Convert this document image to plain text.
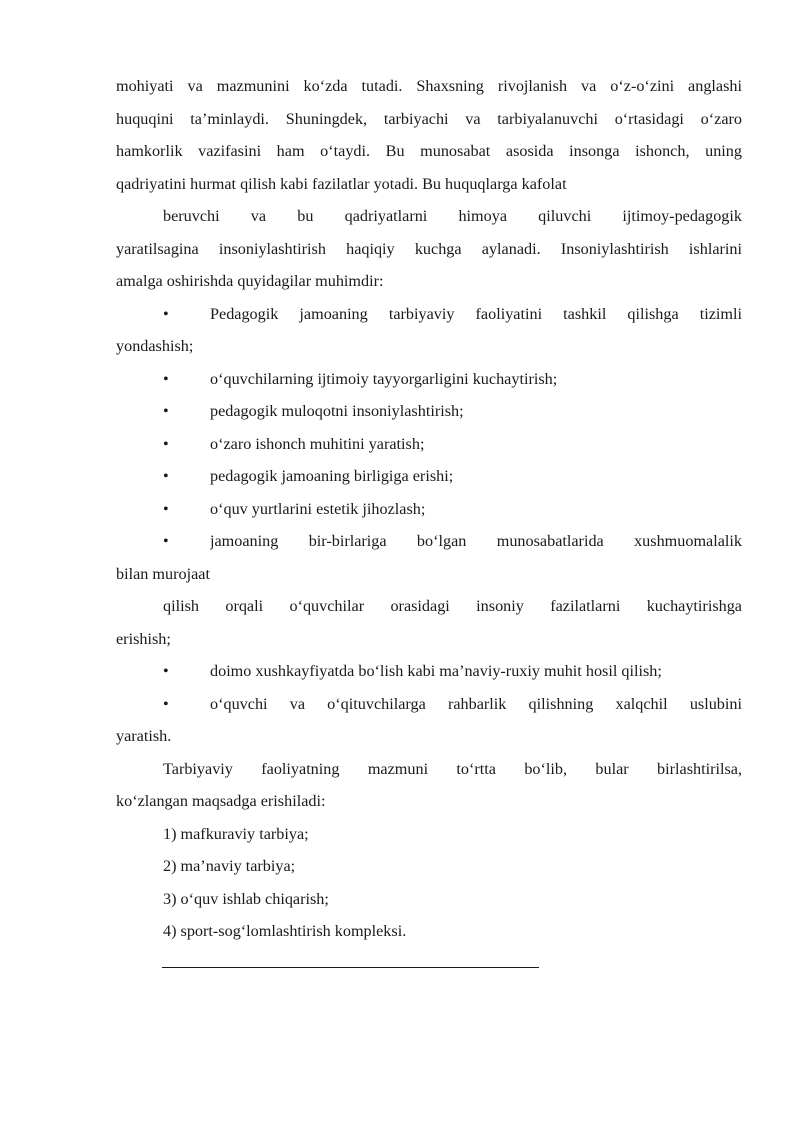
mohiyati va mazmunini ko‘zda tutadi. Shaxsning rivojlanish va o‘z-o‘zini anglashi
huquqini ta’minlaydi. Shuningdek, tarbiyachi va tarbiyalanuvchi o‘rtasidagi o‘zaro
hamkorlik vazifasini ham o‘taydi. Bu munosabat asosida insonga ishonch, uning
qadriyatini hurmat qilish kabi fazilatlar yotadi. Bu huquqlarga kafolat
beruvchi va bu qadriyatlarni himoya qiluvchi ijtimoy-pedagogik
yaratilsagina insoniylashtirish haqiqiy kuchga aylanadi. Insoniylashtirish ishlarini
amalga oshirishda quyidagilar muhimdir:
•	Pedagogik jamoaning tarbiyaviy faoliyatini tashkil qilishga tizimli
yondashish;
•	o‘quvchilarning ijtimoiy tayyorgarligini kuchaytirish;
•	pedagogik muloqotni insoniylashtirish;
•	o‘zaro ishonch muhitini yaratish;
•	pedagogik jamoaning birligiga erishi;
•	o‘quv yurtlarini estetik jihozlash;
•	jamoaning bir-birlariga bo‘lgan munosabatlarida xushmuomalalik
bilan murojaat
qilish orqali o‘quvchilar orasidagi insoniy fazilatlarni kuchaytirishga
erishish;
•	doimo xushkayfiyatda bo‘lish kabi ma’naviy-ruxiy muhit hosil qilish;
•	o‘quvchi va o‘qituvchilarga rahbarlik qilishning xalqchil uslubini
yaratish.
Tarbiyaviy faoliyatning mazmuni to‘rtta bo‘lib, bular birlashtirilsa,
ko‘zlangan maqsadga erishiladi:
1) mafkuraviy tarbiya;
2) ma’naviy tarbiya;
3) o‘quv ishlab chiqarish;
4) sport-sog‘lomlashtirish kompleksi.
